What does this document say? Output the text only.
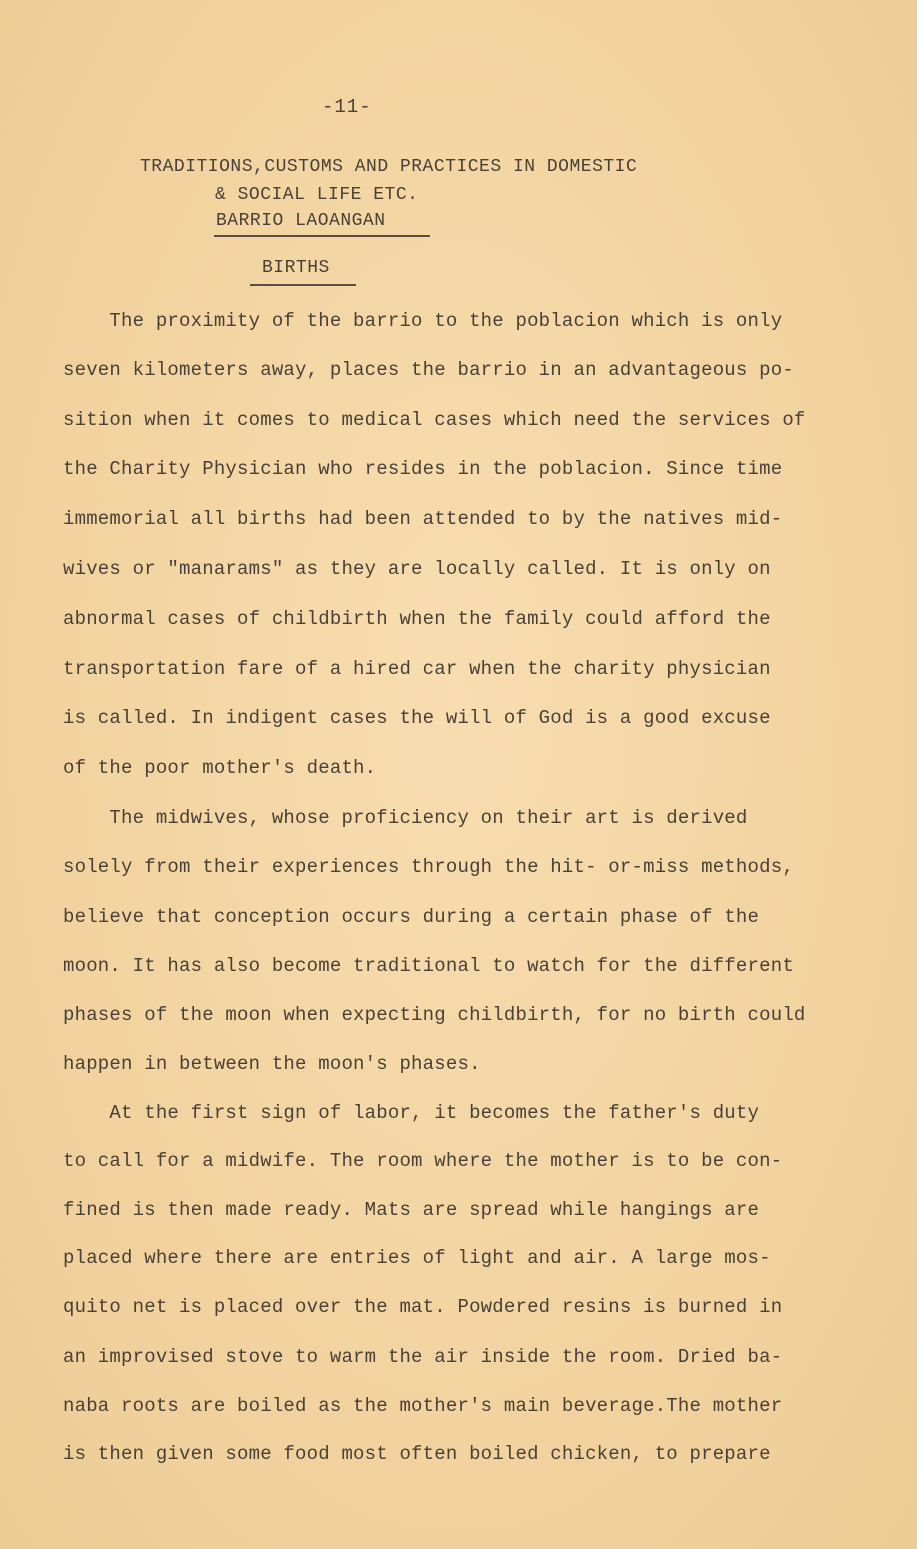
-11-
TRADITIONS,CUSTOMS AND PRACTICES IN DOMESTIC
& SOCIAL LIFE ETC.
BARRIO LAOANGAN
BIRTHS
The proximity of the barrio to the poblacion which is only
seven kilometers away, places the barrio in an advantageous po-
sition when it comes to medical cases which need the services of
the Charity Physician who resides in the poblacion. Since time
immemorial all births had been attended to by the natives mid-
wives or "manarams" as they are locally called. It is only on
abnormal cases of childbirth when the family could afford the
transportation fare of a hired car when the charity physician
is called. In indigent cases the will of God is a good excuse
of the poor mother's death.
The midwives, whose proficiency on their art is derived
solely from their experiences through the hit- or-miss methods,
believe that conception occurs during a certain phase of the
moon. It has also become traditional to watch for the different
phases of the moon when expecting childbirth, for no birth could
happen in between the moon's phases.
At the first sign of labor, it becomes the father's duty
to call for a midwife. The room where the mother is to be con-
fined is then made ready. Mats are spread while hangings are
placed where there are entries of light and air. A large mos-
quito net is placed over the mat. Powdered resins is burned in
an improvised stove to warm the air inside the room. Dried ba-
naba roots are boiled as the mother's main beverage.The mother
is then given some food most often boiled chicken, to prepare
